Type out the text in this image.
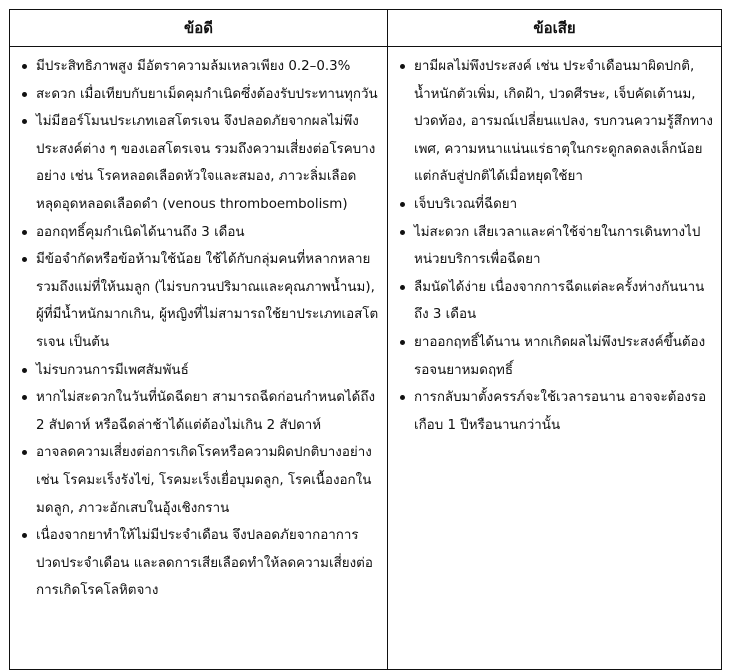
ข้อดี	ข้อเสีย
มีประสิทธิภาพสูง มีอัตราความล้มเหลวเพียง 0.2–0.3%
สะดวก เมื่อเทียบกับยาเม็ดคุมกำเนิดซึ่งต้องรับประทานทุกวัน
ไม่มีฮอร์โมนประเภทเอสโตรเจน จึงปลอดภัยจากผลไม่พึงประสงค์ต่าง ๆ ของเอสโตรเจน รวมถึงความเสี่ยงต่อโรคบางอย่าง เช่น โรคหลอดเลือดหัวใจและสมอง, ภาวะลิ่มเลือดหลุดอุดหลอดเลือดดำ (venous thromboembolism)
ออกฤทธิ์คุมกำเนิดได้นานถึง 3 เดือน
มีข้อจำกัดหรือข้อห้ามใช้น้อย ใช้ได้กับกลุ่มคนที่หลากหลาย รวมถึงแม่ที่ให้นมลูก (ไม่รบกวนปริมาณและคุณภาพน้ำนม), ผู้ที่มีน้ำหนักมากเกิน, ผู้หญิงที่ไม่สามารถใช้ยาประเภทเอสโตรเจน เป็นต้น
ไม่รบกวนการมีเพศสัมพันธ์
หากไม่สะดวกในวันที่นัดฉีดยา สามารถฉีดก่อนกำหนดได้ถึง 2 สัปดาห์ หรือฉีดล่าช้าได้แต่ต้องไม่เกิน 2 สัปดาห์
อาจลดความเสี่ยงต่อการเกิดโรคหรือความผิดปกติบางอย่าง เช่น โรคมะเร็งรังไข่, โรคมะเร็งเยื่อบุมดลูก, โรคเนื้องอกในมดลูก, ภาวะอักเสบในอุ้งเชิงกราน
เนื่องจากยาทำให้ไม่มีประจำเดือน จึงปลอดภัยจากอาการปวดประจำเดือน และลดการเสียเลือดทำให้ลดความเสี่ยงต่อการเกิดโรคโลหิตจาง
ยามีผลไม่พึงประสงค์ เช่น ประจำเดือนมาผิดปกติ, น้ำหนักตัวเพิ่ม, เกิดฝ้า, ปวดศีรษะ, เจ็บคัดเต้านม, ปวดท้อง, อารมณ์เปลี่ยนแปลง, รบกวนความรู้สึกทางเพศ, ความหนาแน่นแร่ธาตุในกระดูกลดลงเล็กน้อยแต่กลับสู่ปกติได้เมื่อหยุดใช้ยา
เจ็บบริเวณที่ฉีดยา
ไม่สะดวก เสียเวลาและค่าใช้จ่ายในการเดินทางไปหน่วยบริการเพื่อฉีดยา
ลืมนัดได้ง่าย เนื่องจากการฉีดแต่ละครั้งห่างกันนานถึง 3 เดือน
ยาออกฤทธิ์ได้นาน หากเกิดผลไม่พึงประสงค์ขึ้นต้องรอจนยาหมดฤทธิ์
การกลับมาตั้งครรภ์จะใช้เวลารอนาน อาจจะต้องรอเกือบ 1 ปีหรือนานกว่านั้น
